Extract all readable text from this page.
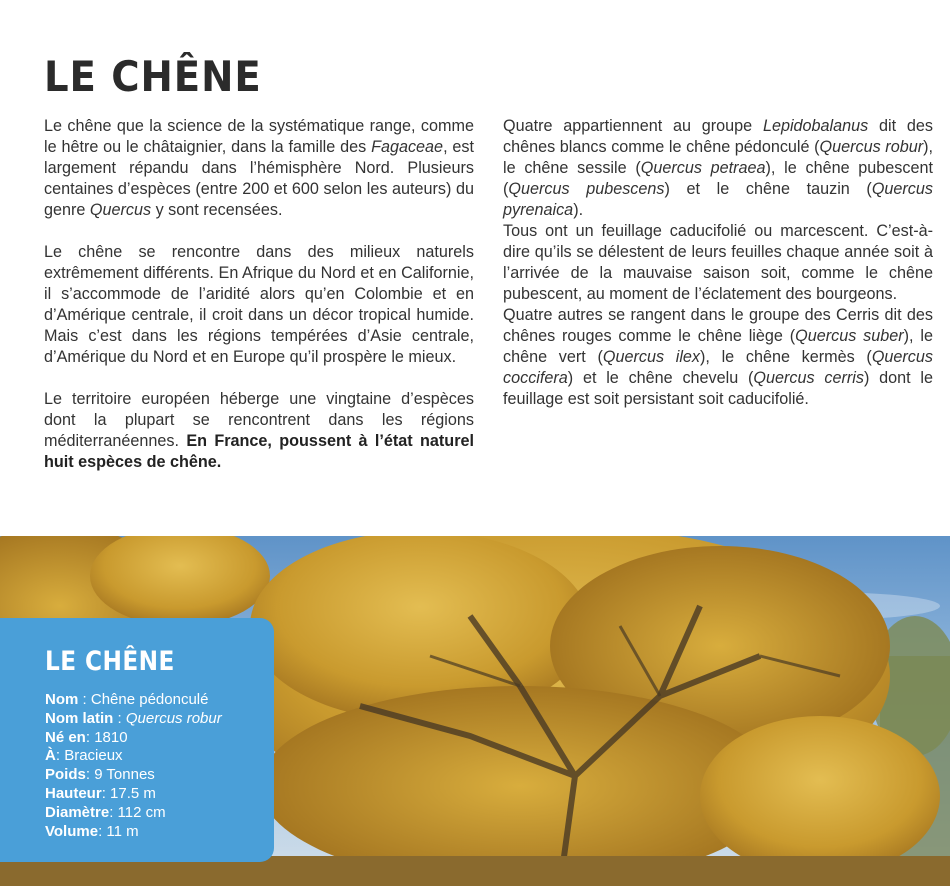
LE CHÊNE

Le chêne que la science de la systématique range, comme le hêtre ou le châtaignier, dans la famille des Fagaceae, est largement répandu dans l’hémisphère Nord. Plusieurs centaines d’espèces (entre 200 et 600 selon les auteurs) du genre Quercus y sont recensées.

Le chêne se rencontre dans des milieux naturels extrêmement différents. En Afrique du Nord et en Californie, il s’accommode de l’aridité alors qu’en Colombie et en d’Amérique centrale, il croit dans un décor tropical humide. Mais c’est dans les régions tempérées d’Asie centrale, d’Amérique du Nord et en Europe qu’il prospère le mieux.

Le territoire européen héberge une vingtaine d’espèces dont la plupart se rencontrent dans les régions méditerranéennes. En France, poussent à l’état naturel huit espèces de chêne.

Quatre appartiennent au groupe Lepidobalanus dit des chênes blancs comme le chêne pédonculé (Quercus robur), le chêne sessile (Quercus petraea), le chêne pubescent (Quercus pubescens) et le chêne tauzin (Quercus pyrenaica).

Tous ont un feuillage caducifolié ou marcescent. C’est-à-dire qu’ils se délestent de leurs feuilles chaque année soit à l’arrivée de la mauvaise saison soit, comme le chêne pubescent, au moment de l’éclatement des bourgeons.

Quatre autres se rangent dans le groupe des Cerris dit des chênes rouges comme le chêne liège (Quercus suber), le chêne vert (Quercus ilex), le chêne kermès (Quercus coccifera) et le chêne chevelu (Quercus cerris) dont le feuillage est soit persistant soit caducifolié.

LE CHÊNE
Nom : Chêne pédonculé
Nom latin : Quercus robur
Né en: 1810
À: Bracieux
Poids: 9 Tonnes
Hauteur: 17.5 m
Diamètre: 112 cm
Volume: 11 m
